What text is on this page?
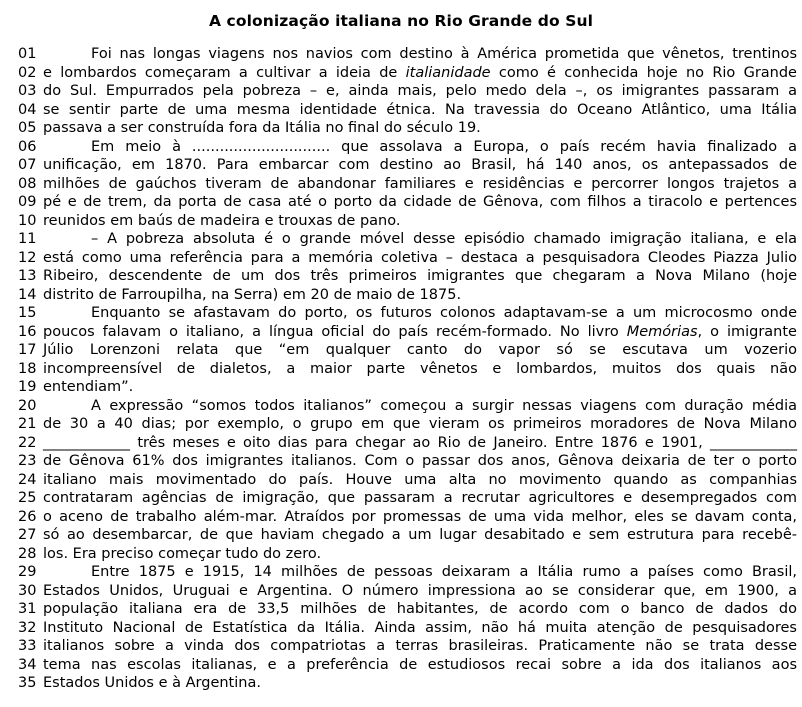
A colonização italiana no Rio Grande do Sul
01	Foi nas longas viagens nos navios com destino à América prometida que vênetos, trentinos
02 e lombardos começaram a cultivar a ideia de italianidade como é conhecida hoje no Rio Grande
03 do Sul. Empurrados pela pobreza – e, ainda mais, pelo medo dela –, os imigrantes passaram a
04 se sentir parte de uma mesma identidade étnica. Na travessia do Oceano Atlântico, uma Itália
05 passava a ser construída fora da Itália no final do século 19.
06	Em meio à .............................. que assolava a Europa, o país recém havia finalizado a
07 unificação, em 1870. Para embarcar com destino ao Brasil, há 140 anos, os antepassados de
08 milhões de gaúchos tiveram de abandonar familiares e residências e percorrer longos trajetos a
09 pé e de trem, da porta de casa até o porto da cidade de Gênova, com filhos a tiracolo e pertences
10 reunidos em baús de madeira e trouxas de pano.
11	– A pobreza absoluta é o grande móvel desse episódio chamado imigração italiana, e ela
12 está como uma referência para a memória coletiva – destaca a pesquisadora Cleodes Piazza Julio
13 Ribeiro, descendente de um dos três primeiros imigrantes que chegaram a Nova Milano (hoje
14 distrito de Farroupilha, na Serra) em 20 de maio de 1875.
15	Enquanto se afastavam do porto, os futuros colonos adaptavam-se a um microcosmo onde
16 poucos falavam o italiano, a língua oficial do país recém-formado. No livro Memórias, o imigrante
17 Júlio Lorenzoni relata que “em qualquer canto do vapor só se escutava um vozerio
18 incompreensível de dialetos, a maior parte vênetos e lombardos, muitos dos quais não
19 entendiam”.
20	A expressão “somos todos italianos” começou a surgir nessas viagens com duração média
21 de 30 a 40 dias; por exemplo, o grupo em que vieram os primeiros moradores de Nova Milano
22 ____________ três meses e oito dias para chegar ao Rio de Janeiro. Entre 1876 e 1901, ____________
23 de Gênova 61% dos imigrantes italianos. Com o passar dos anos, Gênova deixaria de ter o porto
24 italiano mais movimentado do país. Houve uma alta no movimento quando as companhias
25 contrataram agências de imigração, que passaram a recrutar agricultores e desempregados com
26 o aceno de trabalho além-mar. Atraídos por promessas de uma vida melhor, eles se davam conta,
27 só ao desembarcar, de que haviam chegado a um lugar desabitado e sem estrutura para recebê-
28 los. Era preciso começar tudo do zero.
29	Entre 1875 e 1915, 14 milhões de pessoas deixaram a Itália rumo a países como Brasil,
30 Estados Unidos, Uruguai e Argentina. O número impressiona ao se considerar que, em 1900, a
31 população italiana era de 33,5 milhões de habitantes, de acordo com o banco de dados do
32 Instituto Nacional de Estatística da Itália. Ainda assim, não há muita atenção de pesquisadores
33 italianos sobre a vinda dos compatriotas a terras brasileiras. Praticamente não se trata desse
34 tema nas escolas italianas, e a preferência de estudiosos recai sobre a ida dos italianos aos
35 Estados Unidos e à Argentina.
